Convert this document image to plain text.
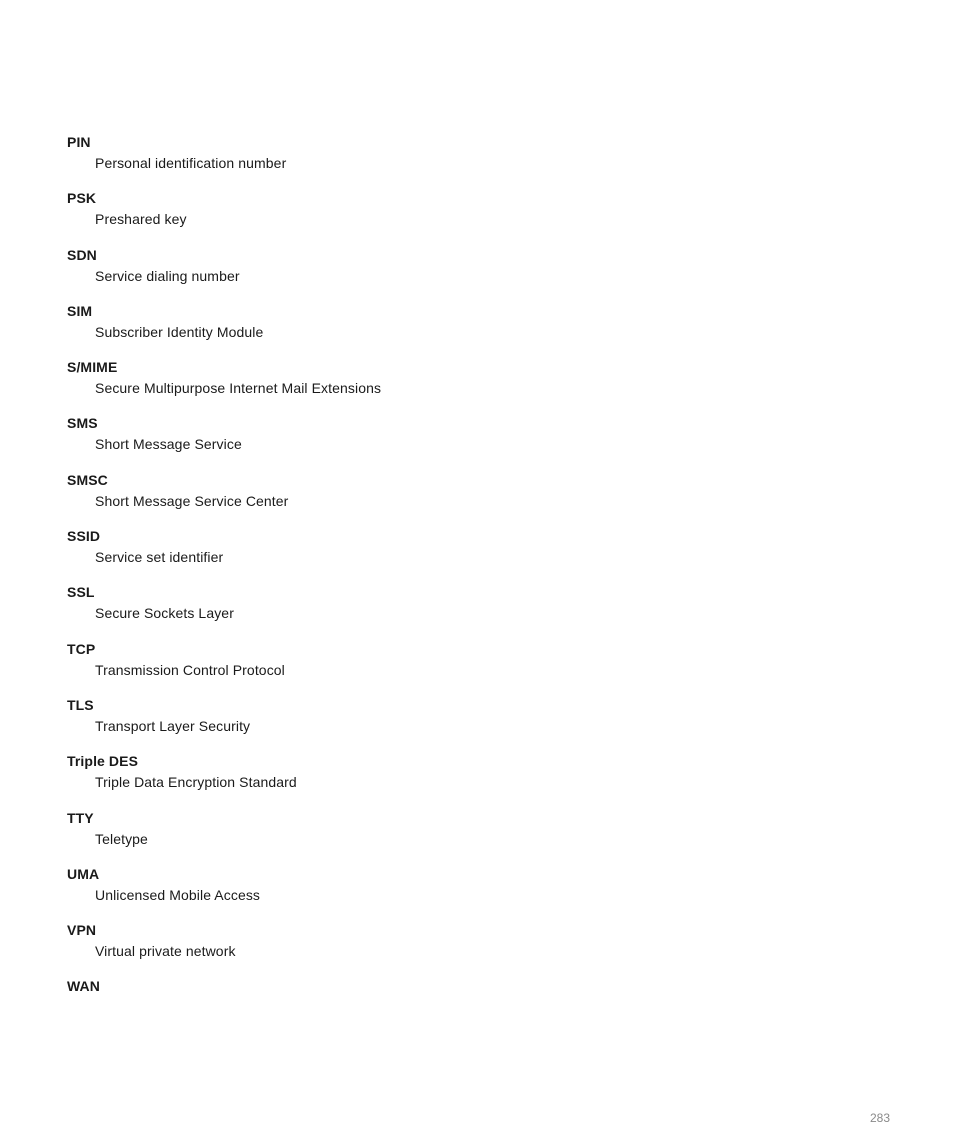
PIN
Personal identification number
PSK
Preshared key
SDN
Service dialing number
SIM
Subscriber Identity Module
S/MIME
Secure Multipurpose Internet Mail Extensions
SMS
Short Message Service
SMSC
Short Message Service Center
SSID
Service set identifier
SSL
Secure Sockets Layer
TCP
Transmission Control Protocol
TLS
Transport Layer Security
Triple DES
Triple Data Encryption Standard
TTY
Teletype
UMA
Unlicensed Mobile Access
VPN
Virtual private network
WAN
283
